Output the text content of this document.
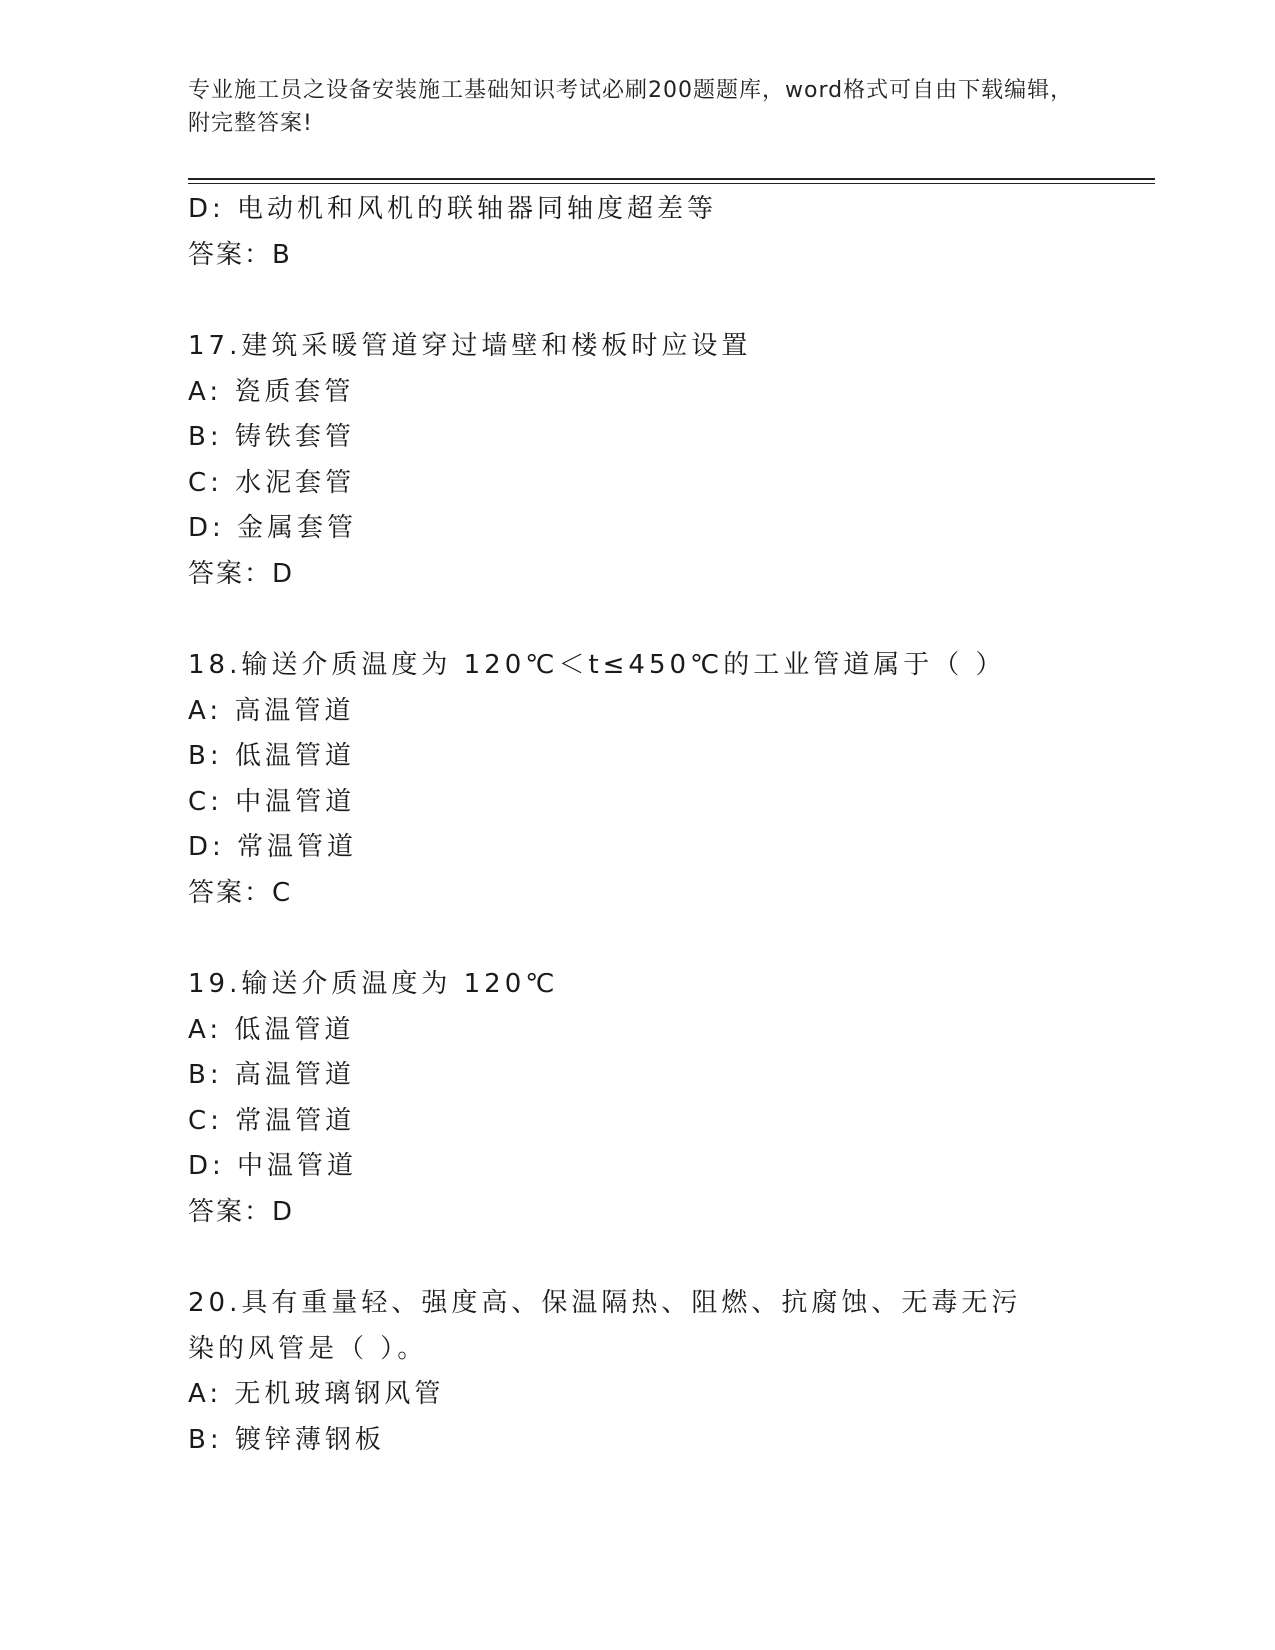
专业施工员之设备安装施工基础知识考试必刷200题题库，word格式可自由下载编辑，附完整答案!
D: 电动机和风机的联轴器同轴度超差等
答案：B
17.建筑采暖管道穿过墙壁和楼板时应设置
A: 瓷质套管
B: 铸铁套管
C: 水泥套管
D: 金属套管
答案：D
18.输送介质温度为 120℃＜t≤450℃的工业管道属于（ ）
A: 高温管道
B: 低温管道
C: 中温管道
D: 常温管道
答案：C
19.输送介质温度为 120℃
A: 低温管道
B: 高温管道
C: 常温管道
D: 中温管道
答案：D
20.具有重量轻、强度高、保温隔热、阻燃、抗腐蚀、无毒无污染的风管是（ ）。
A: 无机玻璃钢风管
B: 镀锌薄钢板
